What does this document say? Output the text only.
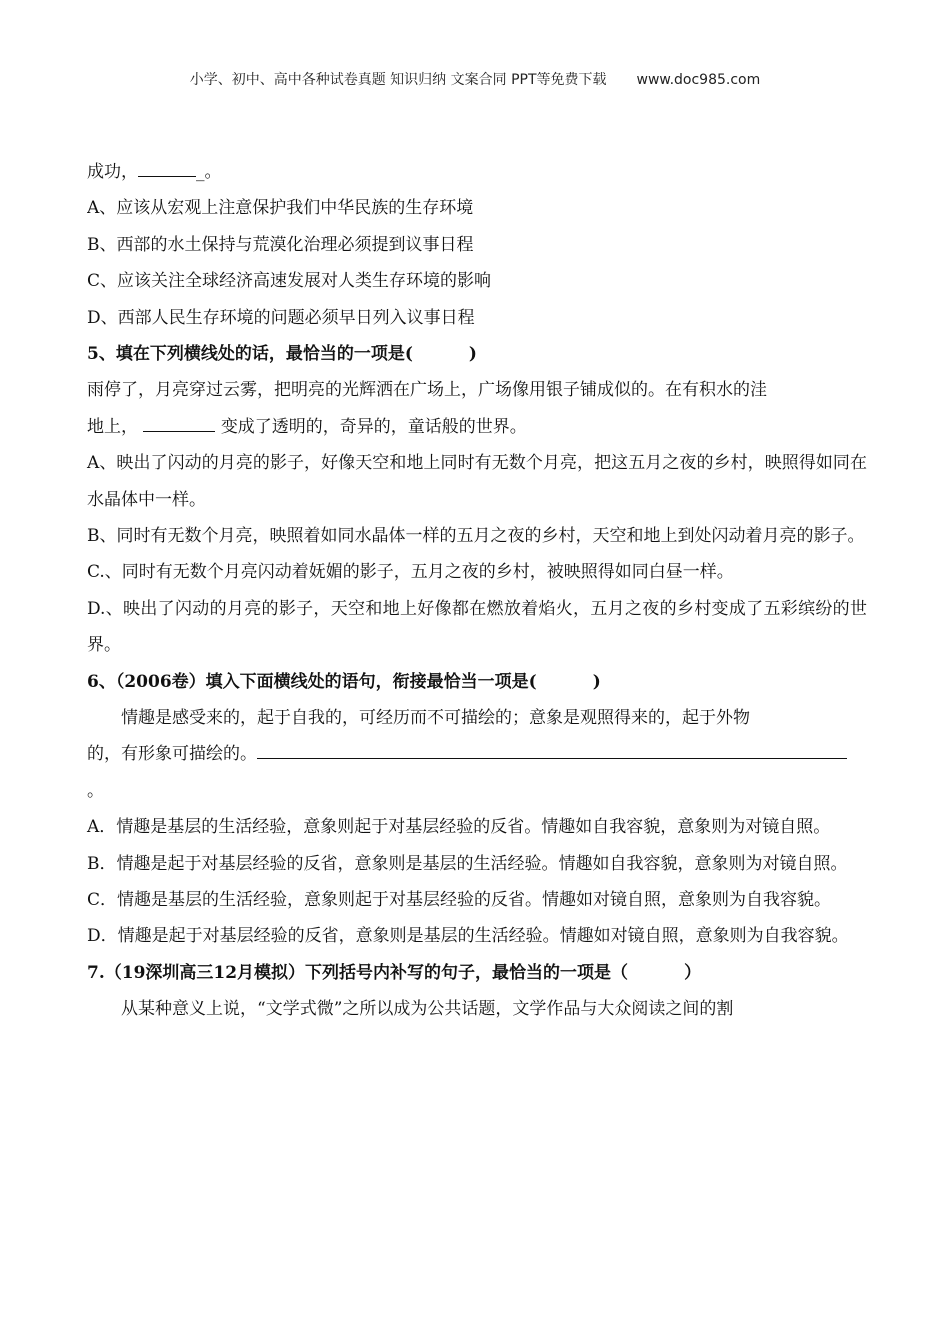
小学、初中、高中各种试卷真题 知识归纳 文案合同 PPT等免费下载 www.doc985.com
成功，	_。
A、应该从宏观上注意保护我们中华民族的生存环境
B、西部的水土保持与荒漠化治理必须提到议事日程
C、应该关注全球经济高速发展对人类生存环境的影响
D、西部人民生存环境的问题必须早日列入议事日程
5、填在下列横线处的话，最恰当的一项是(	)
雨停了，月亮穿过云雾，把明亮的光辉洒在广场上，广场像用银子铺成似的。在有积水的洼
地上，	变成了透明的，奇异的，童话般的世界。
A、映出了闪动的月亮的影子，好像天空和地上同时有无数个月亮，把这五月之夜的乡村，映照得如同在水晶体中一样。
B、同时有无数个月亮，映照着如同水晶体一样的五月之夜的乡村，天空和地上到处闪动着月亮的影子。
C.、同时有无数个月亮闪动着妩媚的影子，五月之夜的乡村，被映照得如同白昼一样。
D.、映出了闪动的月亮的影子，天空和地上好像都在燃放着焰火，五月之夜的乡村变成了五彩缤纷的世界。
6、（2006卷）填入下面横线处的语句，衔接最恰当一项是(	)
情趣是感受来的，起于自我的，可经历而不可描绘的；意象是观照得来的，起于外物
的，有形象可描绘的。
。
A．情趣是基层的生活经验，意象则起于对基层经验的反省。情趣如自我容貌，意象则为对镜自照。
B．情趣是起于对基层经验的反省，意象则是基层的生活经验。情趣如自我容貌，意象则为对镜自照。
C．情趣是基层的生活经验，意象则起于对基层经验的反省。情趣如对镜自照，意象则为自我容貌。
D．情趣是起于对基层经验的反省，意象则是基层的生活经验。情趣如对镜自照，意象则为自我容貌。
7.（19深圳高三12月模拟）下列括号内补写的句子，最恰当的一项是（	）
从某种意义上说，“文学式微”之所以成为公共话题，文学作品与大众阅读之间的割
